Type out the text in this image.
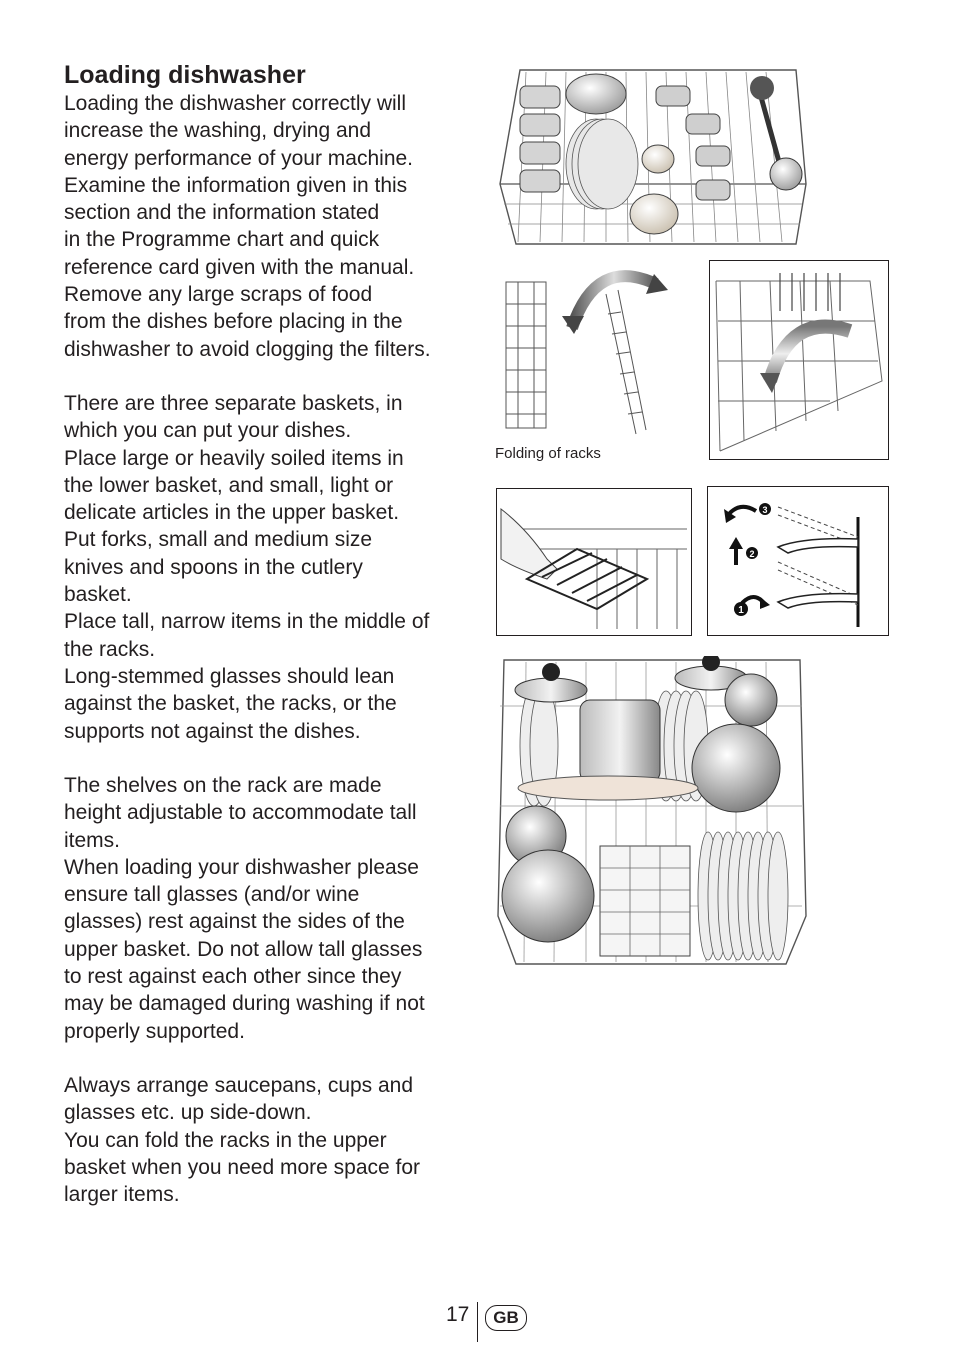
Loading dishwasher
Loading the dishwasher correctly will
increase the washing, drying and
energy performance of your machine.
Examine the information given in this
section and the information stated
in the Programme chart and quick
reference card given with the manual.
Remove any large scraps of food
from the dishes before placing in the
dishwasher to avoid clogging the filters.
There are three separate baskets, in
which you can put your dishes.
Place large or heavily soiled items in
the lower basket, and small, light or
delicate articles in the upper basket.
Put forks, small and medium size
knives and spoons in the cutlery
basket.
Place tall, narrow items in the middle of
the racks.
Long-stemmed glasses should lean
against the basket, the racks, or the
supports not against the dishes.
The shelves on the rack are made
height adjustable to accommodate tall
items.
When loading your dishwasher please
ensure tall glasses (and/or wine
glasses) rest against the sides of the
upper basket. Do not allow tall glasses
to rest against each other since they
may be damaged during washing if not
properly supported.
Always arrange saucepans, cups and
glasses etc. up side-down.
You can fold the racks in the upper
basket when you need more space for
larger items.
Folding of racks
3
2
1
17	GB
